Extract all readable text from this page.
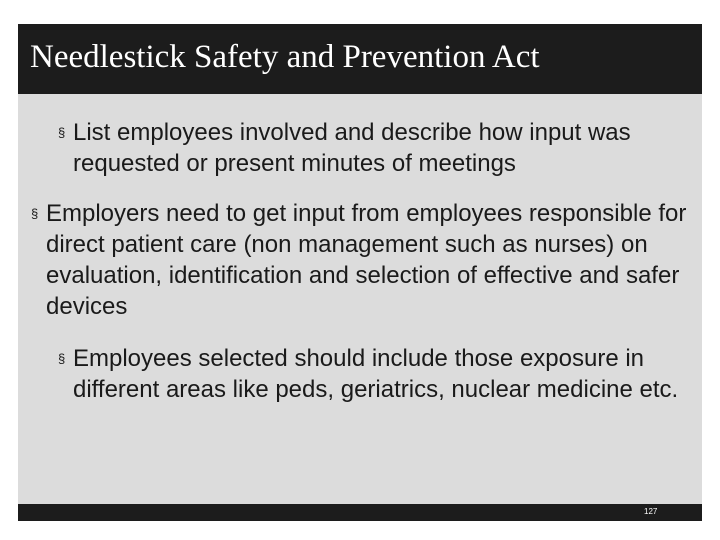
Needlestick Safety and Prevention Act

§ List employees involved and describe how input was requested or present minutes of meetings

§ Employers need to get input from employees responsible for direct patient care (non management such as nurses) on evaluation, identification and selection of effective and safer devices

§ Employees selected should include those exposure in different areas like peds, geriatrics, nuclear medicine etc.

127
